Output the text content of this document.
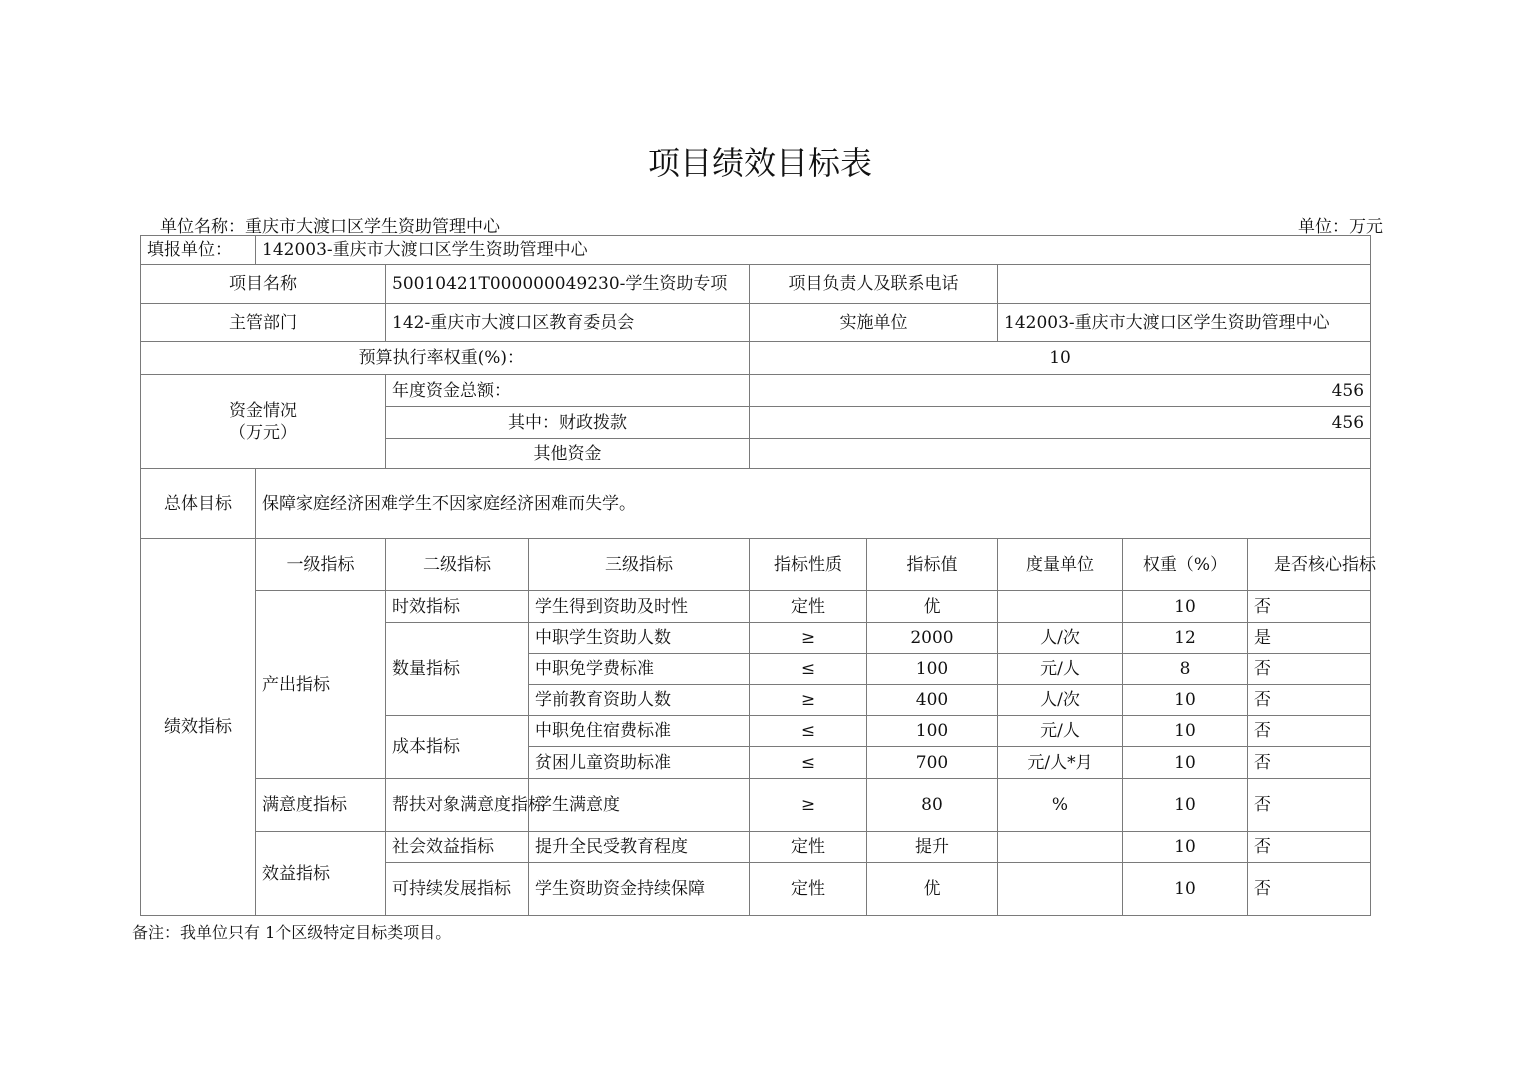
项目绩效目标表
单位名称：重庆市大渡口区学生资助管理中心	单位：万元
填报单位：	142003-重庆市大渡口区学生资助管理中心							
项目名称		50010421T000000049230-学生资助专项		项目负责人及联系电话				
主管部门		142-重庆市大渡口区教育委员会		实施单位		142003-重庆市大渡口区学生资助管理中心		
预算执行率权重(%)：				10				

资金情况
（万元）		年度资金总额：		456				
		其中：财政拨款		456				
		其他资金						
总体目标	保障家庭经济困难学生不因家庭经济困难而失学。							
绩效指标	一级指标	二级指标	三级指标	指标性质	指标值	度量单位	权重（%）	是否核心指标
	产出指标	时效指标	学生得到资助及时性	定性	优		10	否
		数量指标	中职学生资助人数	≥	2000	人/次	12	是
			中职免学费标准	≤	100	元/人	8	否
			学前教育资助人数	≥	400	人/次	10	否
		成本指标	中职免住宿费标准	≤	100	元/人	10	否
			贫困儿童资助标准	≤	700	元/人*月	10	否
	满意度指标	帮扶对象满意度指标	学生满意度	≥	80	%	10	否
	效益指标	社会效益指标	提升全民受教育程度	定性	提升		10	否
		可持续发展指标	学生资助资金持续保障	定性	优		10	否
备注：我单位只有 1个区级特定目标类项目。
